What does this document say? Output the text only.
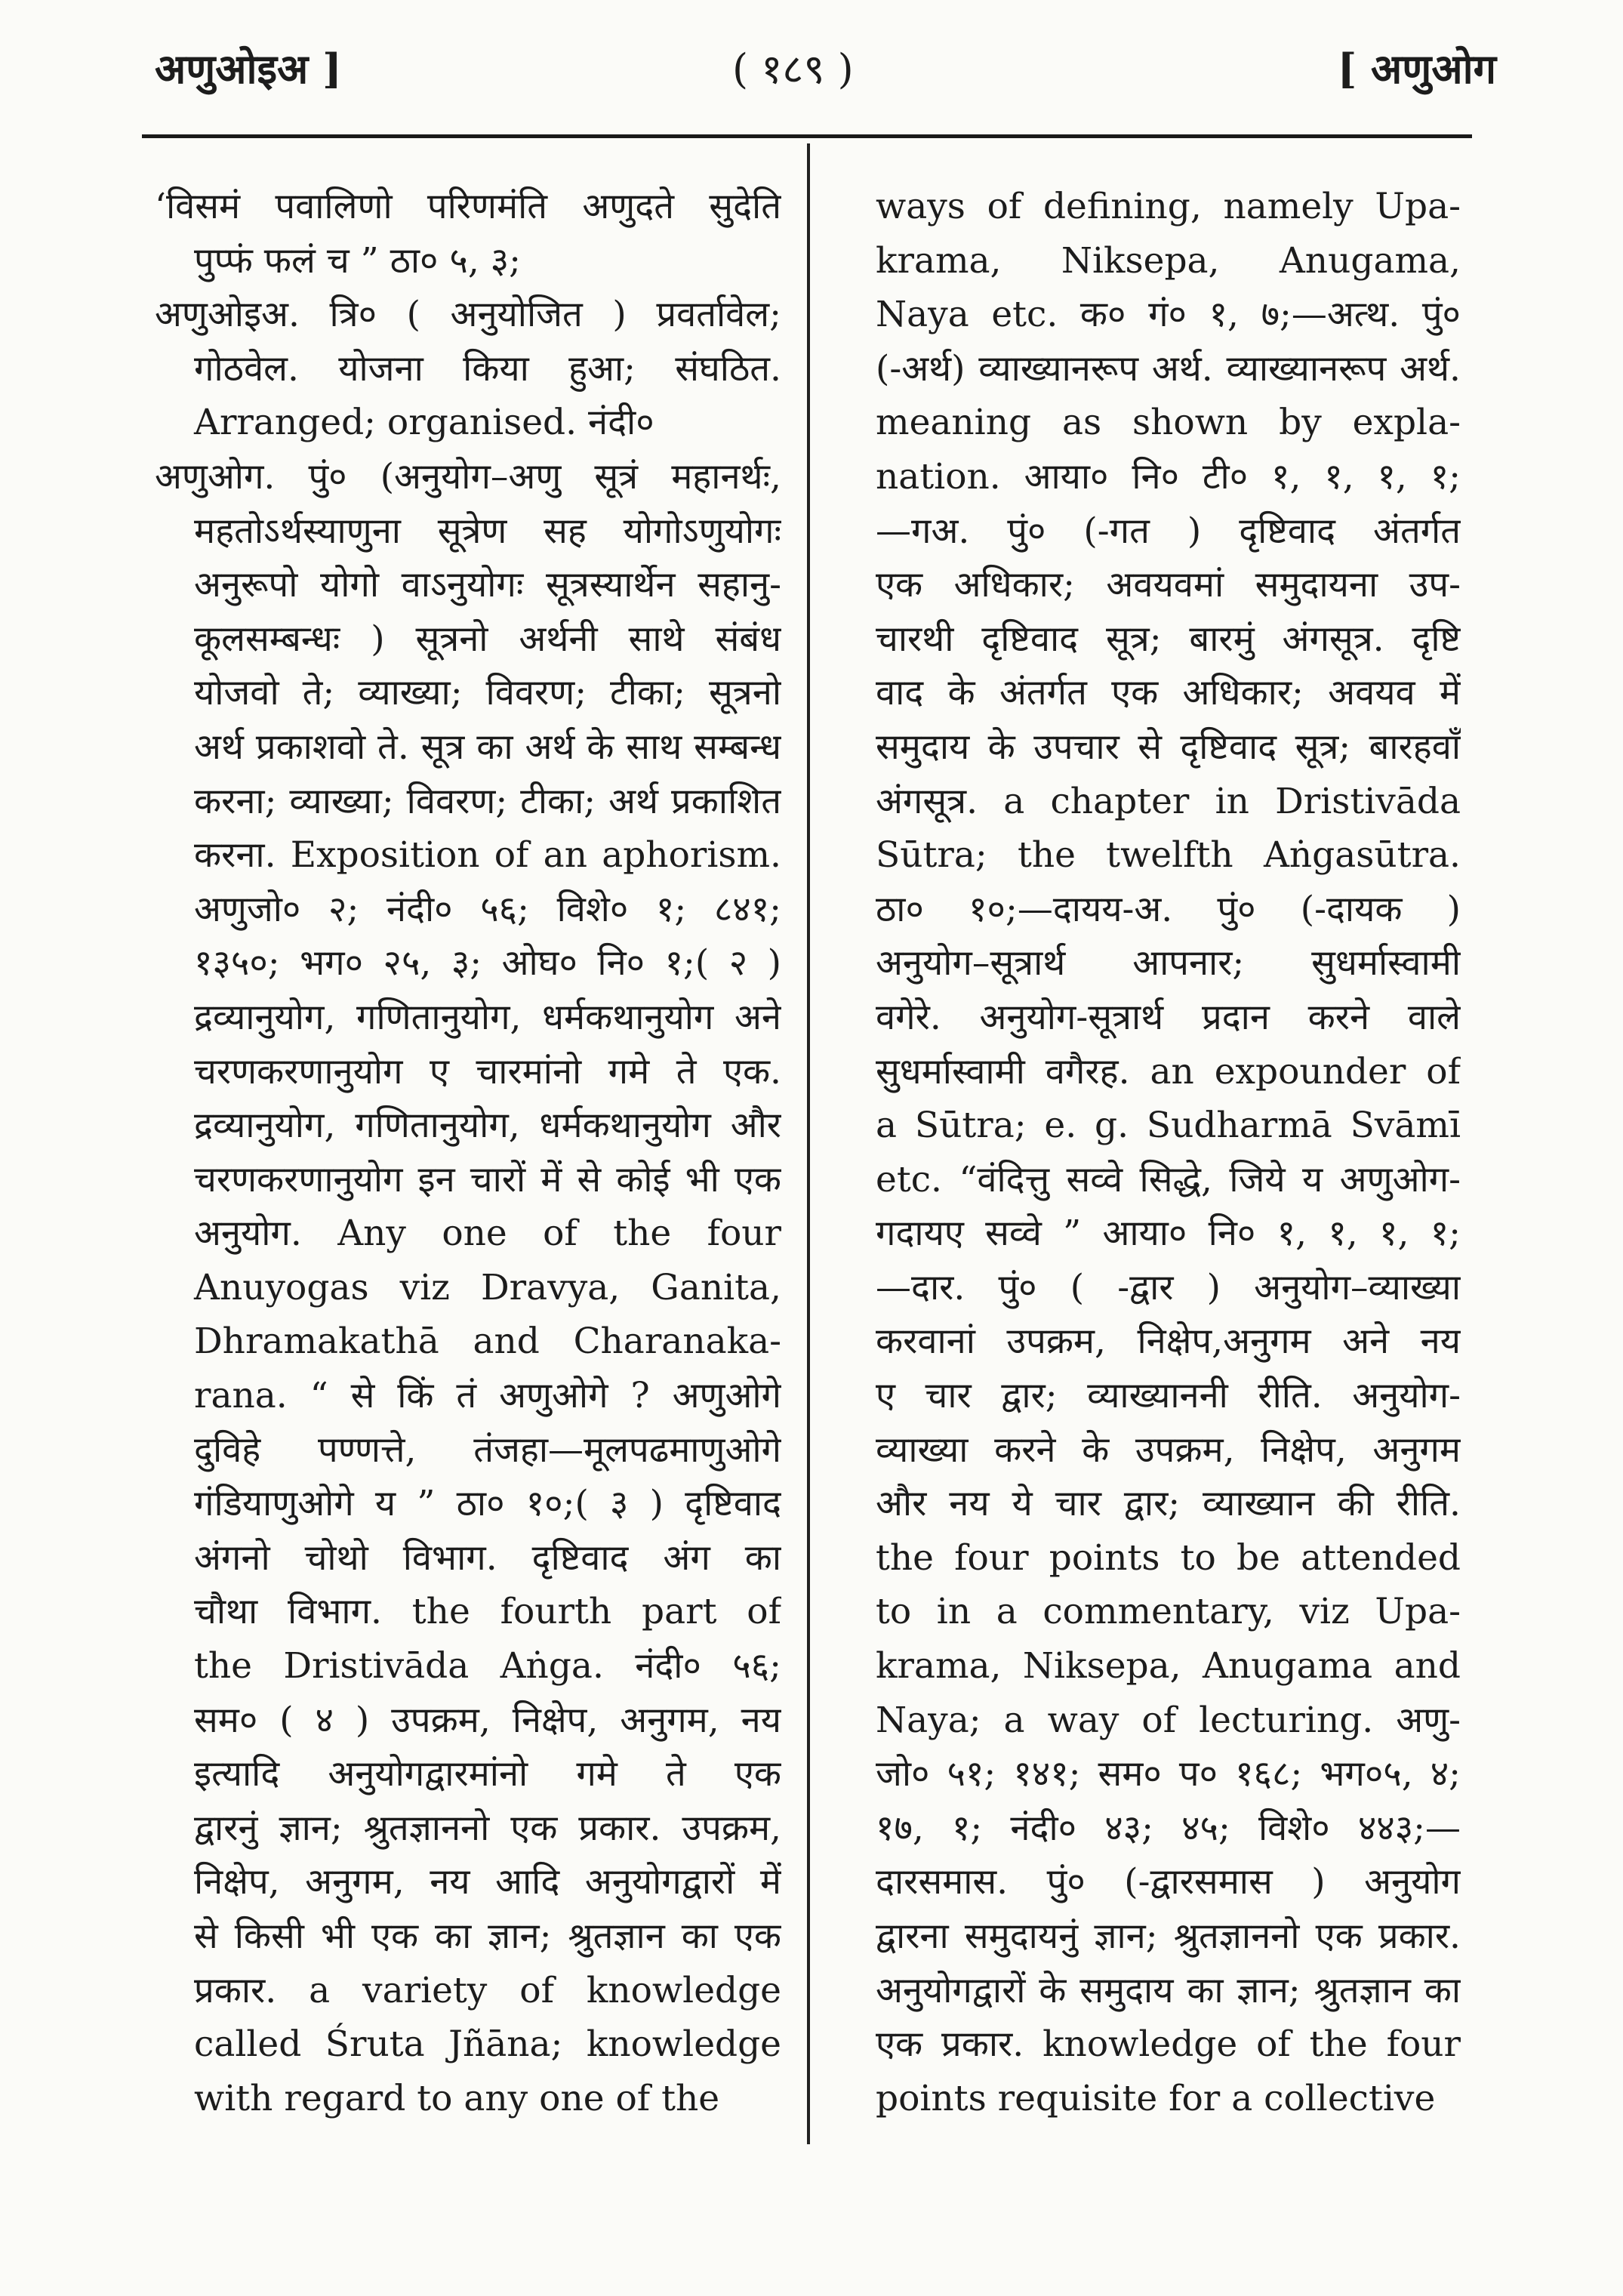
अणुओइअ ]	( १८९ )	[ अणुओग
‘विसमं पवालिणो परिणमंति अणुदते सुदेति
पुप्फं फलं च ” ठा० ५, ३;
अणुओइअ. त्रि० ( अनुयोजित ) प्रवर्तावेल;
गोठवेल. योजना किया हुआ; संघठित.
Arranged; organised. नंदी०
अणुओग. पुं० (अनुयोग–अणु सूत्रं महानर्थः,
महतोऽर्थस्याणुना सूत्रेण सह योगोऽणुयोगः
अनुरूपो योगो वाऽनुयोगः सूत्रस्यार्थेन सहानु-
कूलसम्बन्धः ) सूत्रनो अर्थनी साथे संबंध
योजवो ते; व्याख्या; विवरण; टीका; सूत्रनो
अर्थ प्रकाशवो ते. सूत्र का अर्थ के साथ सम्बन्ध
करना; व्याख्या; विवरण; टीका; अर्थ प्रकाशित
करना. Exposition of an aphorism.
अणुजो० २; नंदी० ५६; विशे० १; ८४१;
१३५०; भग० २५, ३; ओघ० नि० १;( २ )
द्रव्यानुयोग, गणितानुयोग, धर्मकथानुयोग अने
चरणकरणानुयोग ए चारमांनो गमे ते एक.
द्रव्यानुयोग, गणितानुयोग, धर्मकथानुयोग और
चरणकरणानुयोग इन चारों में से कोई भी एक
अनुयोग. Any one of the four
Anuyogas viz Dravya, Ganita,
Dhramakathā and Charanaka-
rana. “ से किं तं अणुओगे ? अणुओगे
दुविहे पण्णत्ते, तंजहा—मूलपढमाणुओगे
गंडियाणुओगे य ” ठा० १०;( ३ ) दृष्टिवाद
अंगनो चोथो विभाग. दृष्टिवाद अंग का
चौथा विभाग. the fourth part of
the Dristivāda Aṅga. नंदी० ५६;
सम० ( ४ ) उपक्रम, निक्षेप, अनुगम, नय
इत्यादि अनुयोगद्वारमांनो गमे ते एक
द्वारनुं ज्ञान; श्रुतज्ञाननो एक प्रकार. उपक्रम,
निक्षेप, अनुगम, नय आदि अनुयोगद्वारों में
से किसी भी एक का ज्ञान; श्रुतज्ञान का एक
प्रकार. a variety of knowledge
called Śruta Jñāna; knowledge
with regard to any one of the
ways of defining, namely Upa-
krama, Niksepa, Anugama,
Naya etc. क० गं० १, ७;—अत्थ. पुं०
(-अर्थ) व्याख्यानरूप अर्थ. व्याख्यानरूप अर्थ.
meaning as shown by expla-
nation. आया० नि० टी० १, १, १, १;
—गअ. पुं० (-गत ) दृष्टिवाद अंतर्गत
एक अधिकार; अवयवमां समुदायना उप-
चारथी दृष्टिवाद सूत्र; बारमुं अंगसूत्र. दृष्टि
वाद के अंतर्गत एक अधिकार; अवयव में
समुदाय के उपचार से दृष्टिवाद सूत्र; बारहवाँ
अंगसूत्र. a chapter in Dristivāda
Sūtra; the twelfth Aṅgasūtra.
ठा० १०;—दायय-अ. पुं० (-दायक )
अनुयोग–सूत्रार्थ आपनार; सुधर्मास्वामी
वगेरे. अनुयोग-सूत्रार्थ प्रदान करने वाले
सुधर्मास्वामी वगैरह. an expounder of
a Sūtra; e. g. Sudharmā Svāmī
etc. “वंदित्तु सव्वे सिद्धे, जिये य अणुओग-
गदायए सव्वे ” आया० नि० १, १, १, १;
—दार. पुं० ( -द्वार ) अनुयोग–व्याख्या
करवानां उपक्रम, निक्षेप,अनुगम अने नय
ए चार द्वार; व्याख्याननी रीति. अनुयोग-
व्याख्या करने के उपक्रम, निक्षेप, अनुगम
और नय ये चार द्वार; व्याख्यान की रीति.
the four points to be attended
to in a commentary, viz Upa-
krama, Niksepa, Anugama and
Naya; a way of lecturing. अणु-
जो० ५१; १४१; सम० प० १६८; भग०५, ४;
१७, १; नंदी० ४३; ४५; विशे० ४४३;—
दारसमास. पुं० (-द्वारसमास ) अनुयोग
द्वारना समुदायनुं ज्ञान; श्रुतज्ञाननो एक प्रकार.
अनुयोगद्वारों के समुदाय का ज्ञान; श्रुतज्ञान का
एक प्रकार. knowledge of the four
points requisite for a collective
